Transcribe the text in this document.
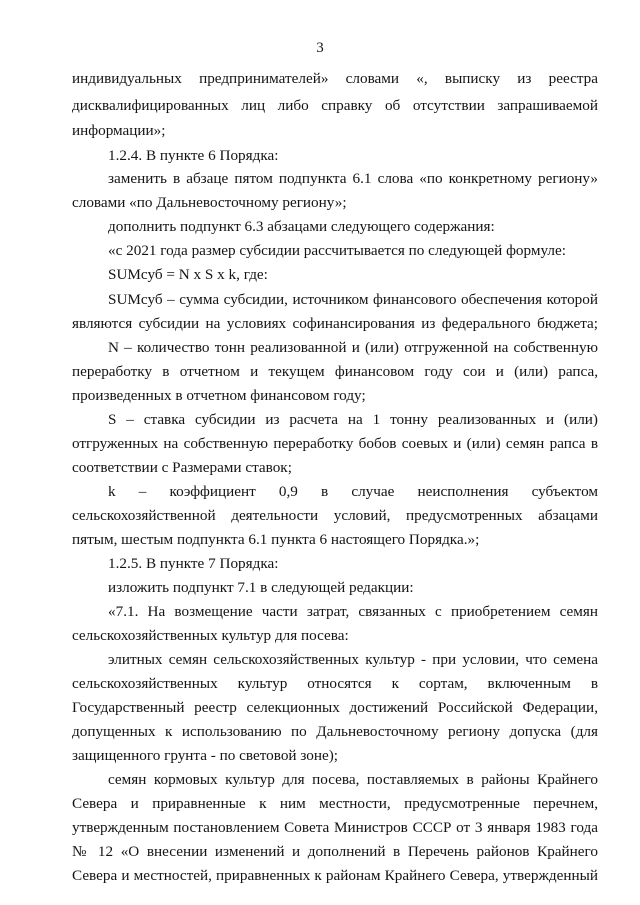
3
индивидуальных предпринимателей» словами «, выписку из реестра
дисквалифицированных лиц либо справку об отсутствии запрашиваемой
информации»;
1.2.4. В пункте 6 Порядка:
заменить в абзаце пятом подпункта 6.1 слова «по конкретному региону»
словами «по Дальневосточному региону»;
дополнить подпункт 6.3 абзацами следующего содержания:
«с 2021 года размер субсидии рассчитывается по следующей формуле:
SUMсуб = N x S x k, где:
SUMсуб – сумма субсидии, источником финансового обеспечения которой
являются субсидии на условиях софинансирования из федерального бюджета;
N – количество тонн реализованной и (или) отгруженной на собственную
переработку в отчетном и текущем финансовом году сои и (или) рапса,
произведенных в отчетном финансовом году;
S – ставка субсидии из расчета на 1 тонну реализованных и (или)
отгруженных на собственную переработку бобов соевых и (или) семян рапса в
соответствии с Размерами ставок;
k – коэффициент 0,9 в случае неисполнения субъектом
сельскохозяйственной деятельности условий, предусмотренных абзацами
пятым, шестым подпункта 6.1 пункта 6 настоящего Порядка.»;
1.2.5. В пункте 7 Порядка:
изложить подпункт 7.1 в следующей редакции:
«7.1. На возмещение части затрат, связанных с приобретением семян
сельскохозяйственных культур для посева:
элитных семян сельскохозяйственных культур - при условии, что семена
сельскохозяйственных культур относятся к сортам, включенным в
Государственный реестр селекционных достижений Российской Федерации,
допущенных к использованию по Дальневосточному региону допуска (для
защищенного грунта - по световой зоне);
семян кормовых культур для посева, поставляемых в районы Крайнего
Севера и приравненные к ним местности, предусмотренные перечнем,
утвержденным постановлением Совета Министров СССР от 3 января 1983 года
№ 12 «О внесении изменений и дополнений в Перечень районов Крайнего
Севера и местностей, приравненных к районам Крайнего Севера, утвержденный
